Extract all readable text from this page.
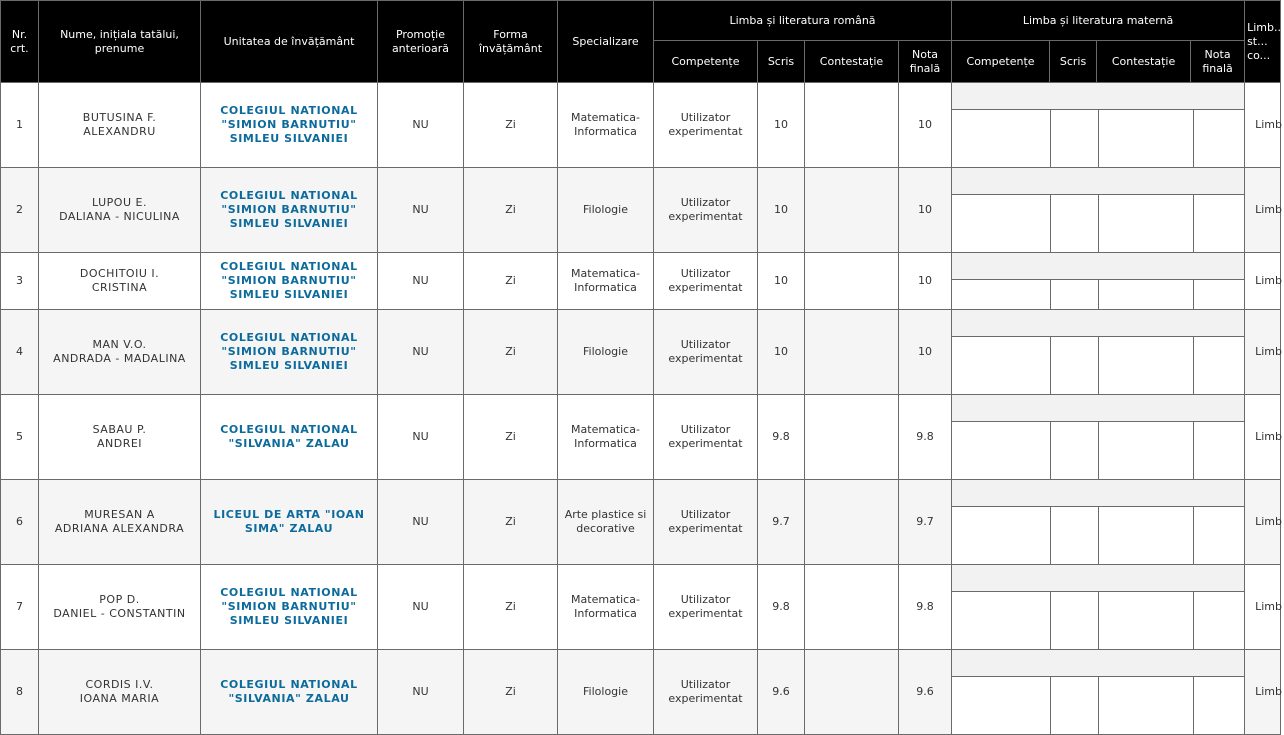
Nr. crt.	Nume, inițiala tatălui, prenume	Unitatea de învățământ	Promoție anterioară	Forma învățământ	Specializare	Limba și literatura română				Limba și literatura maternă				Limb... st... co...
						Competențe	Scris	Contestație	Nota finală	Competențe	Scris	Contestație	Nota finală	
1	BUTUSINA F.
ALEXANDRU	COLEGIUL NATIONAL "SIMION BARNUTIU" SIMLEU SILVANIEI	NU	Zi	Matematica-Informatica	Utilizator experimentat	10		10					Limb
2	LUPOU E.
DALIANA - NICULINA	COLEGIUL NATIONAL "SIMION BARNUTIU" SIMLEU SILVANIEI	NU	Zi	Filologie	Utilizator experimentat	10		10					Limb
3	DOCHITOIU I.
CRISTINA	COLEGIUL NATIONAL "SIMION BARNUTIU" SIMLEU SILVANIEI	NU	Zi	Matematica-Informatica	Utilizator experimentat	10		10					Limb
4	MAN V.O.
ANDRADA - MADALINA	COLEGIUL NATIONAL "SIMION BARNUTIU" SIMLEU SILVANIEI	NU	Zi	Filologie	Utilizator experimentat	10		10					Limb
5	SABAU P.
ANDREI	COLEGIUL NATIONAL "SILVANIA" ZALAU	NU	Zi	Matematica-Informatica	Utilizator experimentat	9.8		9.8					Limb
6	MURESAN A
ADRIANA ALEXANDRA	LICEUL DE ARTA "IOAN SIMA" ZALAU	NU	Zi	Arte plastice si decorative	Utilizator experimentat	9.7		9.7					Limb
7	POP D.
DANIEL - CONSTANTIN	COLEGIUL NATIONAL "SIMION BARNUTIU" SIMLEU SILVANIEI	NU	Zi	Matematica-Informatica	Utilizator experimentat	9.8		9.8					Limb
8	CORDIS I.V.
IOANA MARIA	COLEGIUL NATIONAL "SILVANIA" ZALAU	NU	Zi	Filologie	Utilizator experimentat	9.6		9.6					Limb
